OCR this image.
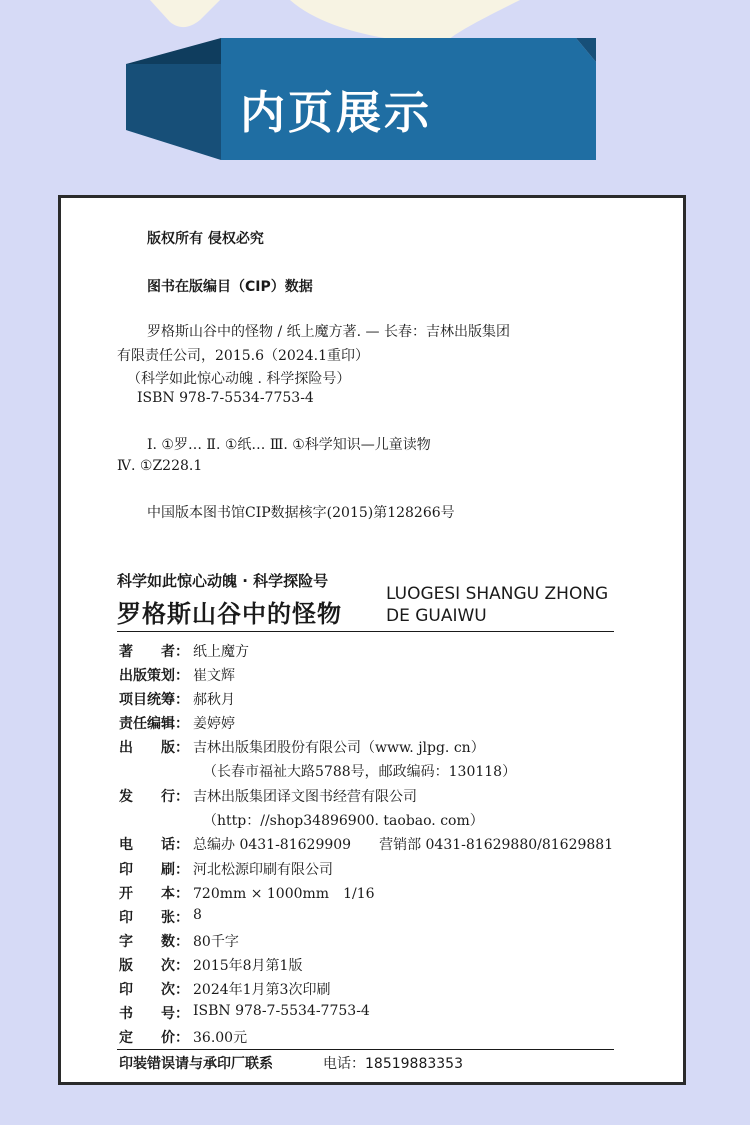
内页展示
版权所有 侵权必究
图书在版编目（CIP）数据
罗格斯山谷中的怪物 / 纸上魔方著. — 长春：吉林出版集团
有限责任公司，2015.6（2024.1重印）
（科学如此惊心动魄 . 科学探险号）
ISBN 978-7-5534-7753-4
Ⅰ. ①罗… Ⅱ. ①纸… Ⅲ. ①科学知识—儿童读物
Ⅳ. ①Z228.1
中国版本图书馆CIP数据核字(2015)第128266号
科学如此惊心动魄 · 科学探险号
罗格斯山谷中的怪物
LUOGESI SHANGU ZHONG
DE GUAIWU
著　　者： 纸上魔方
出版策划： 崔文辉
项目统筹： 郝秋月
责任编辑： 姜婷婷
出　　版： 吉林出版集团股份有限公司（www. jlpg. cn）
（长春市福祉大路5788号，邮政编码：130118）
发　　行： 吉林出版集团译文图书经营有限公司
（http：//shop34896900. taobao. com）
电　　话： 总编办 0431-81629909　　营销部 0431-81629880/81629881
印　　刷： 河北松源印刷有限公司
开　　本： 720mm × 1000mm　1/16
印　　张： 8
字　　数： 80千字
版　　次： 2015年8月第1版
印　　次： 2024年1月第3次印刷
书　　号： ISBN 978-7-5534-7753-4
定　　价： 36.00元
印装错误请与承印厂联系	电话：18519883353
